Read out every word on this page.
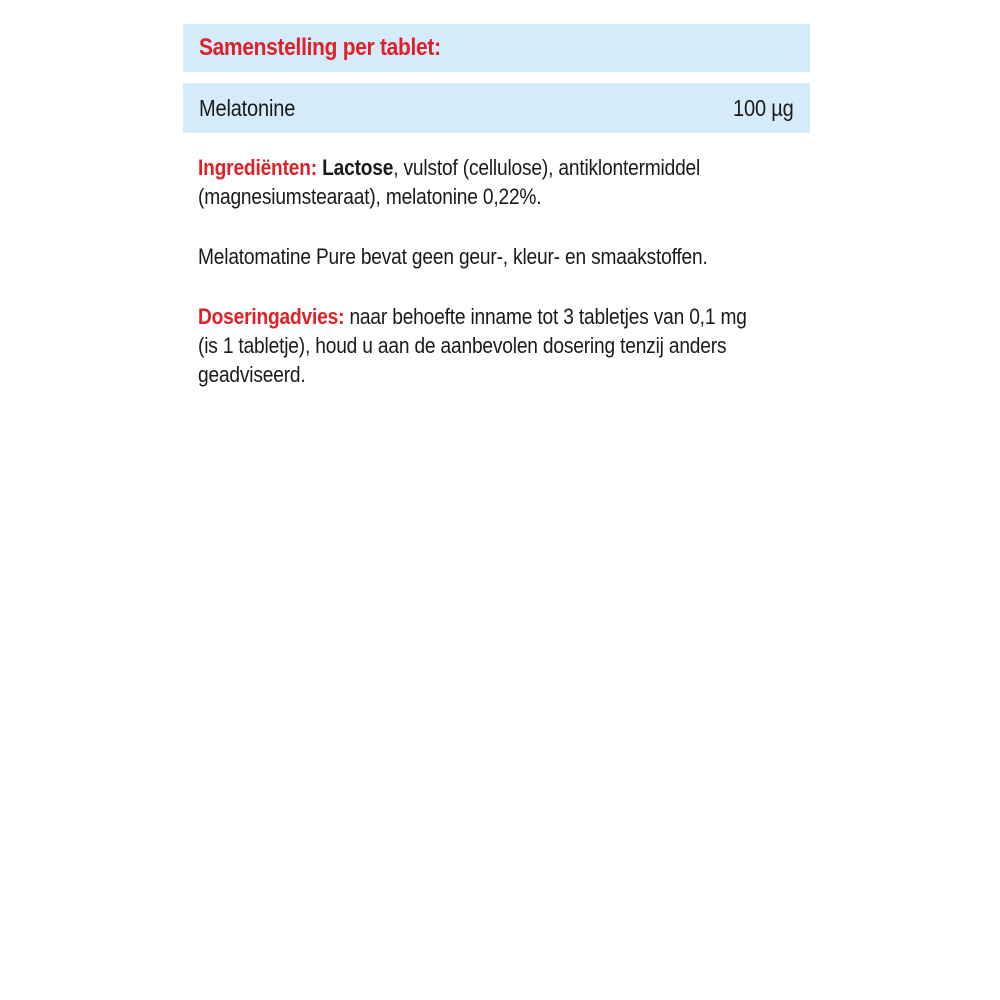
Samenstelling per tablet:
Melatonine	100 µg

Ingrediënten: Lactose, vulstof (cellulose), antiklontermiddel
(magnesiumstearaat), melatonine 0,22%.

Melatomatine Pure bevat geen geur-, kleur- en smaakstoffen.

Doseringadvies: naar behoefte inname tot 3 tabletjes van 0,1 mg
(is 1 tabletje), houd u aan de aanbevolen dosering tenzij anders
geadviseerd.
